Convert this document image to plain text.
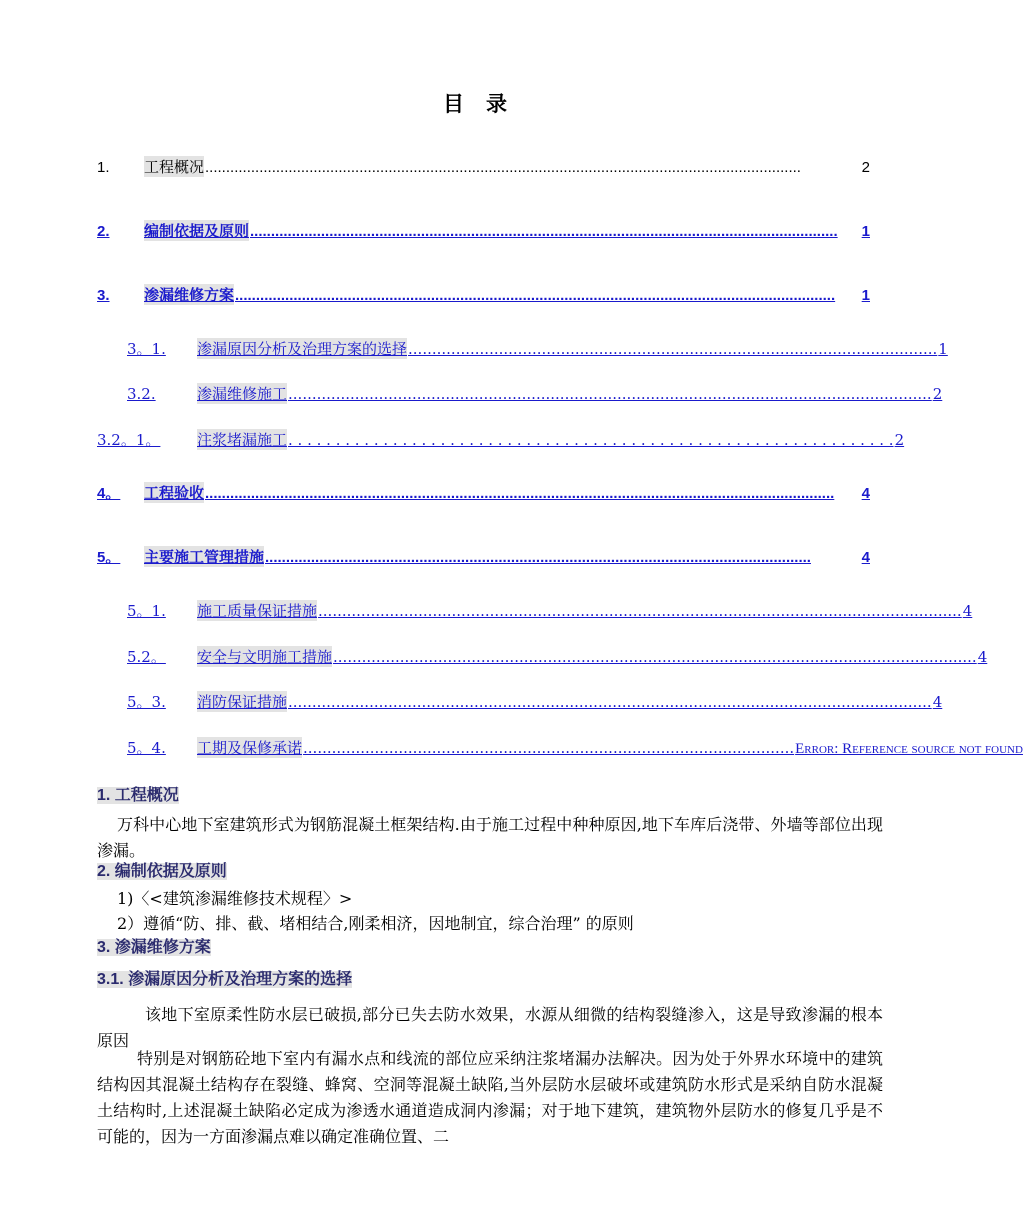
目录
1.	工程概况 ...............................................................................................................................................	2
2.	编制依据及原则 .............................................................................................................................................	1
3.	渗漏维修方案 ................................................................................................................................................	1
3。1.	渗漏原因分析及治理方案的选择 ............................................................................................................... 1
3.2.	渗漏维修施工 ....................................................................................................................................... 2
3.2。1。	注浆堵漏施工 . . . . . . . . . . . . . . . . . . . . . . . . . . . . . . . . . . . . . . . . . . . . . . . . . . . . . . . . . . . . . . . . 2
4。	工程验收 .......................................................................................................................................................	4
5。	主要施工管理措施 ...................................................................................................................................	4
5。1.	施工质量保证措施 ....................................................................................................................................... 4
5.2。	安全与文明施工措施 ....................................................................................................................................... 4
5。3.	消防保证措施 ....................................................................................................................................... 4
5。4.	工期及保修承诺 ....................................................................................................... Error: Reference source not found
1. 工程概况
万科中心地下室建筑形式为钢筋混凝土框架结构.由于施工过程中种种原因,地下车库后浇带、外墙等部位出现渗漏。
2. 编制依据及原则
1)〈<建筑渗漏维修技术规程〉>
2）遵循“防、排、截、堵相结合,刚柔相济，因地制宜，综合治理” 的原则
3. 渗漏维修方案
3.1. 渗漏原因分析及治理方案的选择
该地下室原柔性防水层已破损,部分已失去防水效果，水源从细微的结构裂缝渗入，这是导致渗漏的根本原因
特别是对钢筋砼地下室内有漏水点和线流的部位应采纳注浆堵漏办法解决。因为处于外界水环境中的建筑结构因其混凝土结构存在裂缝、蜂窝、空洞等混凝土缺陷,当外层防水层破坏或建筑防水形式是采纳自防水混凝土结构时,上述混凝土缺陷必定成为渗透水通道造成洞内渗漏；对于地下建筑，建筑物外层防水的修复几乎是不可能的，因为一方面渗漏点难以确定准确位置、二
